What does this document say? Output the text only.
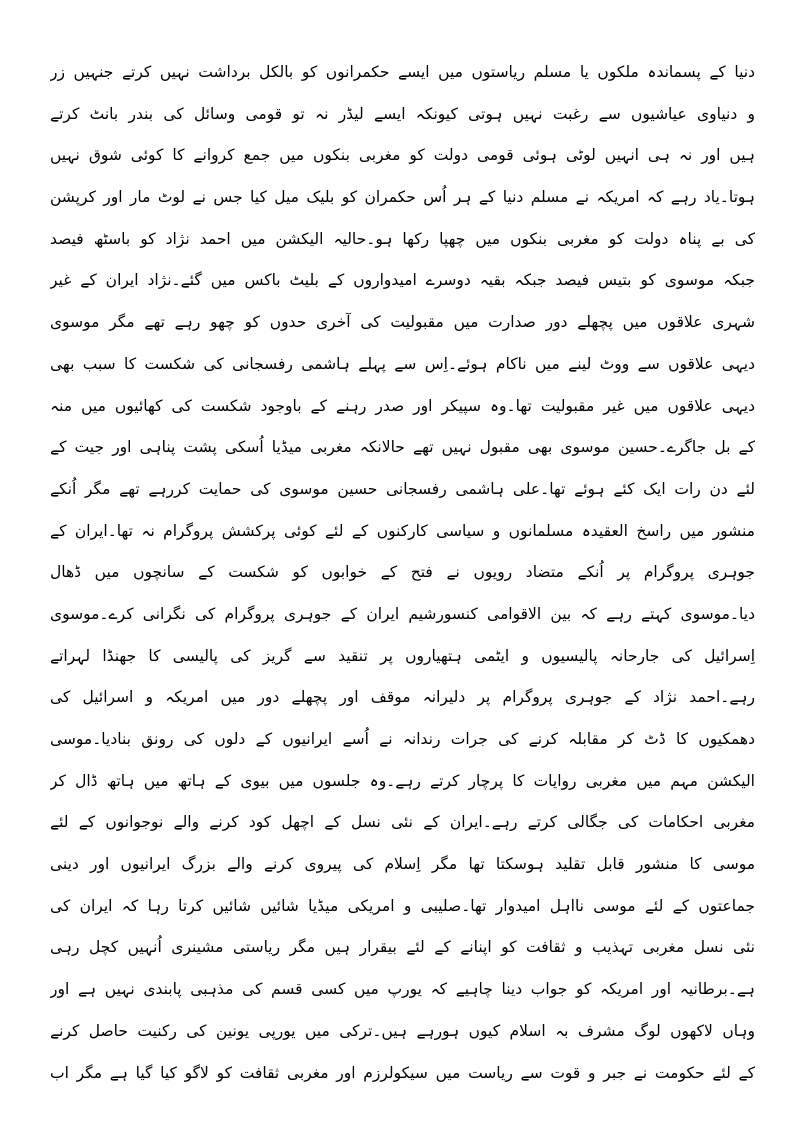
دنیا کے پسماندہ ملکوں یا مسلم ریاستوں میں ایسے حکمرانوں کو بالکل برداشت نہیں کرتے جنہیں زر
و دنیاوی عیاشیوں سے رغبت نہیں ہوتی کیونکہ ایسے لیڈر نہ تو قومی وسائل کی بندر بانٹ کرتے
ہیں اور نہ ہی انہیں لوٹی ہوئی قومی دولت کو مغربی بنکوں میں جمع کروانے کا کوئی شوق نہیں
ہوتا۔یاد رہے کہ امریکہ نے مسلم دنیا کے ہر اُس حکمران کو بلیک میل کیا جس نے لوٹ مار اور کرپشن
کی بے پناہ دولت کو مغربی بنکوں میں چھپا رکھا ہو۔حالیہ الیکشن میں احمد نژاد کو باسٹھ فیصد
جبکہ موسوی کو بتیس فیصد جبکہ بقیہ دوسرے امیدواروں کے بلیٹ باکس میں گئے۔نژاد ایران کے غیر
شہری علاقوں میں پچھلے دور صدارت میں مقبولیت کی آخری حدوں کو چھو رہے تھے مگر موسوی
دیہی علاقوں سے ووٹ لینے میں ناکام ہوئے۔اِس سے پہلے ہاشمی رفسجانی کی شکست کا سبب بھی
دیہی علاقوں میں غیر مقبولیت تھا۔وہ سپیکر اور صدر رہنے کے باوجود شکست کی کھائیوں میں منہ
کے بل جاگرے۔حسین موسوی بھی مقبول نہیں تھے حالانکہ مغربی میڈیا اُسکی پشت پناہی اور جیت کے
لئے دن رات ایک کئے ہوئے تھا۔علی ہاشمی رفسجانی حسین موسوی کی حمایت کررہے تھے مگر اُنکے
منشور میں راسخ العقیدہ مسلمانوں و سیاسی کارکنوں کے لئے کوئی پرکشش پروگرام نہ تھا۔ایران کے
جوہری پروگرام پر اُنکے متضاد رویوں نے فتح کے خوابوں کو شکست کے سانچوں میں ڈھال
دیا۔موسوی کہتے رہے کہ بین الاقوامی کنسورشیم ایران کے جوہری پروگرام کی نگرانی کرے۔موسوی
اِسرائیل کی جارحانہ پالیسیوں و ایٹمی ہتھیاروں پر تنقید سے گریز کی پالیسی کا جھنڈا لہراتے
رہے۔احمد نژاد کے جوہری پروگرام پر دلیرانہ موقف اور پچھلے دور میں امریکہ و اسرائیل کی
دھمکیوں کا ڈٹ کر مقابلہ کرنے کی جرات رندانہ نے اُسے ایرانیوں کے دلوں کی رونق بنادیا۔موسی
الیکشن مہم میں مغربی روایات کا پرچار کرتے رہے۔وہ جلسوں میں بیوی کے ہاتھ میں ہاتھ ڈال کر
مغربی احکامات کی جگالی کرتے رہے۔ایران کے نئی نسل کے اچھل کود کرنے والے نوجوانوں کے لئے
موسی کا منشور قابل تقلید ہوسکتا تھا مگر اِسلام کی پیروی کرنے والے بزرگ ایرانیوں اور دینی
جماعتوں کے لئے موسی نااہل امیدوار تھا۔صلیبی و امریکی میڈیا شائیں شائیں کرتا رہا کہ ایران کی
نئی نسل مغربی تہذیب و ثقافت کو اپنانے کے لئے بیقرار ہیں مگر ریاستی مشینری اُنہیں کچل رہی
ہے۔برطانیہ اور امریکہ کو جواب دینا چاہیے کہ یورپ میں کسی قسم کی مذہبی پابندی نہیں ہے اور
وہاں لاکھوں لوگ مشرف بہ اسلام کیوں ہورہے ہیں۔ترکی میں یورپی یونین کی رکنیت حاصل کرنے
کے لئے حکومت نے جبر و قوت سے ریاست میں سیکولرزم اور مغربی ثقافت کو لاگو کیا گیا ہے مگر اب
